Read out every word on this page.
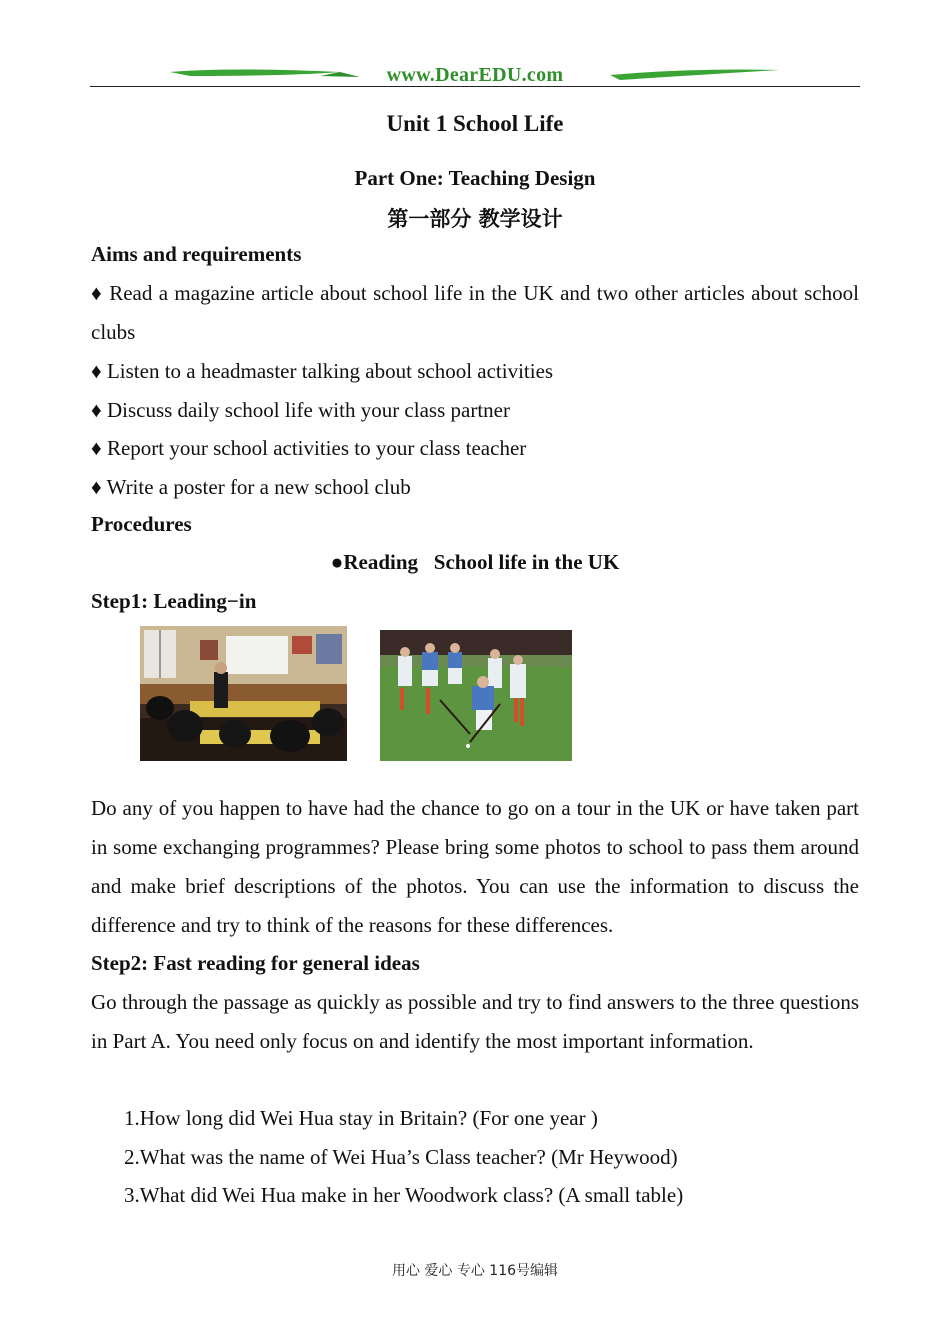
www.DearEDU.com
Unit 1 School Life
Part One: Teaching Design
第一部分 教学设计
Aims and requirements
♦ Read a magazine article about school life in the UK and two other articles about school clubs
♦ Listen to a headmaster talking about school activities
♦ Discuss daily school life with your class partner
♦ Report your school activities to your class teacher
♦ Write a poster for a new school club
Procedures
●Reading School life in the UK
Step1: Leading−in
Do any of you happen to have had the chance to go on a tour in the UK or have taken part in some exchanging programmes? Please bring some photos to school to pass them around and make brief descriptions of the photos. You can use the information to discuss the difference and try to think of the reasons for these differences.
Step2: Fast reading for general ideas
Go through the passage as quickly as possible and try to find answers to the three questions in Part A. You need only focus on and identify the most important information.
1.How long did Wei Hua stay in Britain? (For one year )
2.What was the name of Wei Hua’s Class teacher? (Mr Heywood)
3.What did Wei Hua make in her Woodwork class? (A small table)
用心 爱心 专心 116号编辑
